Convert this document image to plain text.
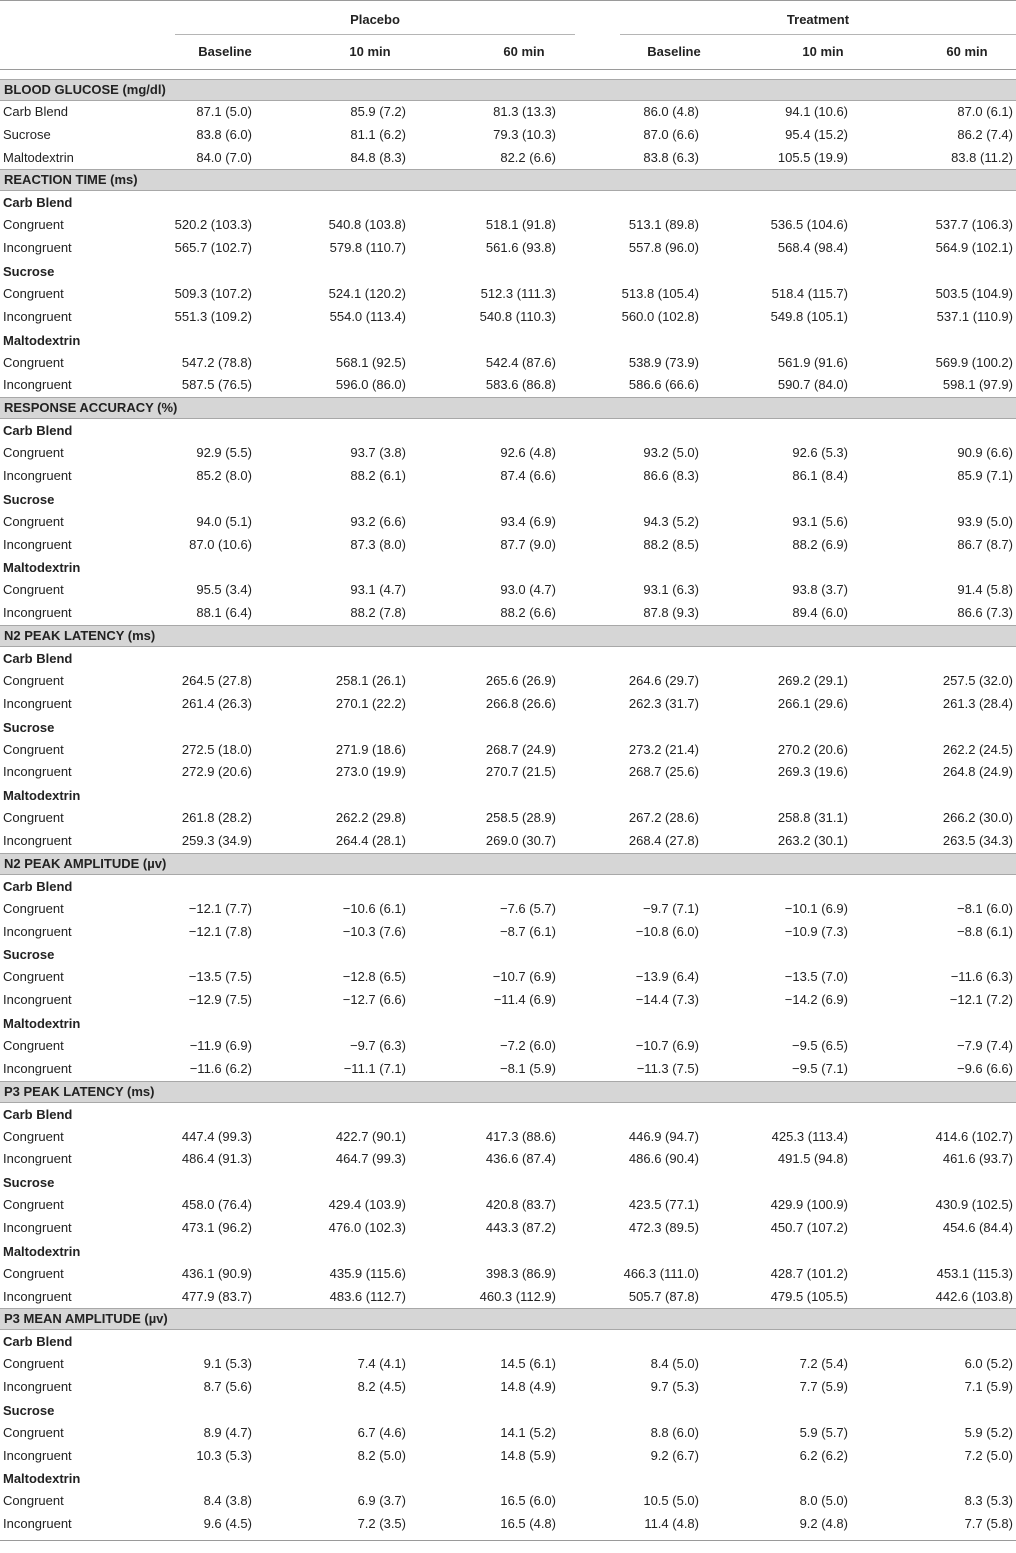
Placebo	Treatment
Baseline	10 min	60 min	Baseline	10 min	60 min
BLOOD GLUCOSE (mg/dl)
Carb Blend	87.1 (5.0)	85.9 (7.2)	81.3 (13.3)	86.0 (4.8)	94.1 (10.6)	87.0 (6.1)
Sucrose	83.8 (6.0)	81.1 (6.2)	79.3 (10.3)	87.0 (6.6)	95.4 (15.2)	86.2 (7.4)
Maltodextrin	84.0 (7.0)	84.8 (8.3)	82.2 (6.6)	83.8 (6.3)	105.5 (19.9)	83.8 (11.2)
REACTION TIME (ms)
Carb Blend
Congruent	520.2 (103.3)	540.8 (103.8)	518.1 (91.8)	513.1 (89.8)	536.5 (104.6)	537.7 (106.3)
Incongruent	565.7 (102.7)	579.8 (110.7)	561.6 (93.8)	557.8 (96.0)	568.4 (98.4)	564.9 (102.1)
Sucrose
Congruent	509.3 (107.2)	524.1 (120.2)	512.3 (111.3)	513.8 (105.4)	518.4 (115.7)	503.5 (104.9)
Incongruent	551.3 (109.2)	554.0 (113.4)	540.8 (110.3)	560.0 (102.8)	549.8 (105.1)	537.1 (110.9)
Maltodextrin
Congruent	547.2 (78.8)	568.1 (92.5)	542.4 (87.6)	538.9 (73.9)	561.9 (91.6)	569.9 (100.2)
Incongruent	587.5 (76.5)	596.0 (86.0)	583.6 (86.8)	586.6 (66.6)	590.7 (84.0)	598.1 (97.9)
RESPONSE ACCURACY (%)
Carb Blend
Congruent	92.9 (5.5)	93.7 (3.8)	92.6 (4.8)	93.2 (5.0)	92.6 (5.3)	90.9 (6.6)
Incongruent	85.2 (8.0)	88.2 (6.1)	87.4 (6.6)	86.6 (8.3)	86.1 (8.4)	85.9 (7.1)
Sucrose
Congruent	94.0 (5.1)	93.2 (6.6)	93.4 (6.9)	94.3 (5.2)	93.1 (5.6)	93.9 (5.0)
Incongruent	87.0 (10.6)	87.3 (8.0)	87.7 (9.0)	88.2 (8.5)	88.2 (6.9)	86.7 (8.7)
Maltodextrin
Congruent	95.5 (3.4)	93.1 (4.7)	93.0 (4.7)	93.1 (6.3)	93.8 (3.7)	91.4 (5.8)
Incongruent	88.1 (6.4)	88.2 (7.8)	88.2 (6.6)	87.8 (9.3)	89.4 (6.0)	86.6 (7.3)
N2 PEAK LATENCY (ms)
Carb Blend
Congruent	264.5 (27.8)	258.1 (26.1)	265.6 (26.9)	264.6 (29.7)	269.2 (29.1)	257.5 (32.0)
Incongruent	261.4 (26.3)	270.1 (22.2)	266.8 (26.6)	262.3 (31.7)	266.1 (29.6)	261.3 (28.4)
Sucrose
Congruent	272.5 (18.0)	271.9 (18.6)	268.7 (24.9)	273.2 (21.4)	270.2 (20.6)	262.2 (24.5)
Incongruent	272.9 (20.6)	273.0 (19.9)	270.7 (21.5)	268.7 (25.6)	269.3 (19.6)	264.8 (24.9)
Maltodextrin
Congruent	261.8 (28.2)	262.2 (29.8)	258.5 (28.9)	267.2 (28.6)	258.8 (31.1)	266.2 (30.0)
Incongruent	259.3 (34.9)	264.4 (28.1)	269.0 (30.7)	268.4 (27.8)	263.2 (30.1)	263.5 (34.3)
N2 PEAK AMPLITUDE (µv)
Carb Blend
Congruent	−12.1 (7.7)	−10.6 (6.1)	−7.6 (5.7)	−9.7 (7.1)	−10.1 (6.9)	−8.1 (6.0)
Incongruent	−12.1 (7.8)	−10.3 (7.6)	−8.7 (6.1)	−10.8 (6.0)	−10.9 (7.3)	−8.8 (6.1)
Sucrose
Congruent	−13.5 (7.5)	−12.8 (6.5)	−10.7 (6.9)	−13.9 (6.4)	−13.5 (7.0)	−11.6 (6.3)
Incongruent	−12.9 (7.5)	−12.7 (6.6)	−11.4 (6.9)	−14.4 (7.3)	−14.2 (6.9)	−12.1 (7.2)
Maltodextrin
Congruent	−11.9 (6.9)	−9.7 (6.3)	−7.2 (6.0)	−10.7 (6.9)	−9.5 (6.5)	−7.9 (7.4)
Incongruent	−11.6 (6.2)	−11.1 (7.1)	−8.1 (5.9)	−11.3 (7.5)	−9.5 (7.1)	−9.6 (6.6)
P3 PEAK LATENCY (ms)
Carb Blend
Congruent	447.4 (99.3)	422.7 (90.1)	417.3 (88.6)	446.9 (94.7)	425.3 (113.4)	414.6 (102.7)
Incongruent	486.4 (91.3)	464.7 (99.3)	436.6 (87.4)	486.6 (90.4)	491.5 (94.8)	461.6 (93.7)
Sucrose
Congruent	458.0 (76.4)	429.4 (103.9)	420.8 (83.7)	423.5 (77.1)	429.9 (100.9)	430.9 (102.5)
Incongruent	473.1 (96.2)	476.0 (102.3)	443.3 (87.2)	472.3 (89.5)	450.7 (107.2)	454.6 (84.4)
Maltodextrin
Congruent	436.1 (90.9)	435.9 (115.6)	398.3 (86.9)	466.3 (111.0)	428.7 (101.2)	453.1 (115.3)
Incongruent	477.9 (83.7)	483.6 (112.7)	460.3 (112.9)	505.7 (87.8)	479.5 (105.5)	442.6 (103.8)
P3 MEAN AMPLITUDE (µv)
Carb Blend
Congruent	9.1 (5.3)	7.4 (4.1)	14.5 (6.1)	8.4 (5.0)	7.2 (5.4)	6.0 (5.2)
Incongruent	8.7 (5.6)	8.2 (4.5)	14.8 (4.9)	9.7 (5.3)	7.7 (5.9)	7.1 (5.9)
Sucrose
Congruent	8.9 (4.7)	6.7 (4.6)	14.1 (5.2)	8.8 (6.0)	5.9 (5.7)	5.9 (5.2)
Incongruent	10.3 (5.3)	8.2 (5.0)	14.8 (5.9)	9.2 (6.7)	6.2 (6.2)	7.2 (5.0)
Maltodextrin
Congruent	8.4 (3.8)	6.9 (3.7)	16.5 (6.0)	10.5 (5.0)	8.0 (5.0)	8.3 (5.3)
Incongruent	9.6 (4.5)	7.2 (3.5)	16.5 (4.8)	11.4 (4.8)	9.2 (4.8)	7.7 (5.8)
